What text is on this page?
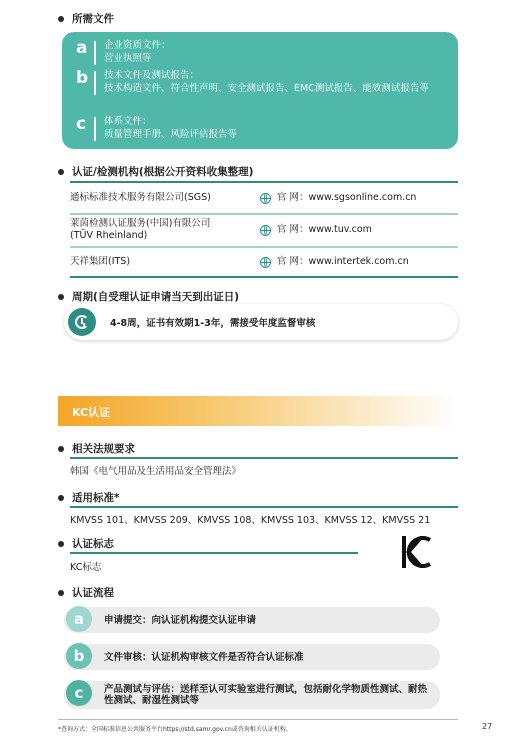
所需文件
a 企业资质文件：
营业执照等
b 技术文件及测试报告：
技术构造文件、符合性声明、安全测试报告、EMC测试报告、能效测试报告等
c	体系文件：
质量管理手册、风险评估报告等
认证/检测机构(根据公开资料收集整理)
通标标准技术服务有限公司(SGS)	官 网：www.sgsonline.com.cn
莱茵检测认证服务(中国)有限公司
(TÜV Rheinland)
官 网：www.tuv.com
天祥集团(ITS)	官 网：www.intertek.com.cn
周期(自受理认证申请当天到出证日)
4-8周，证书有效期1-3年，需接受年度监督审核
KC认证
相关法规要求
韩国《电气用品及生活用品安全管理法》
适用标准*
KMVSS 101、KMVSS 209、KMVSS 108、KMVSS 103、KMVSS 12、KMVSS 21
认证标志
KC标志
认证流程
a	申请提交：向认证机构提交认证申请
b	文件审核：认证机构审核文件是否符合认证标准
c	产品测试与评估：送样至认可实验室进行测试，包括耐化学物质性测试、耐热性测试、耐湿性测试等
*查询方式：全国标准信息公共服务平台https://std.samr.gov.cn或咨询相关认证机构。	27
